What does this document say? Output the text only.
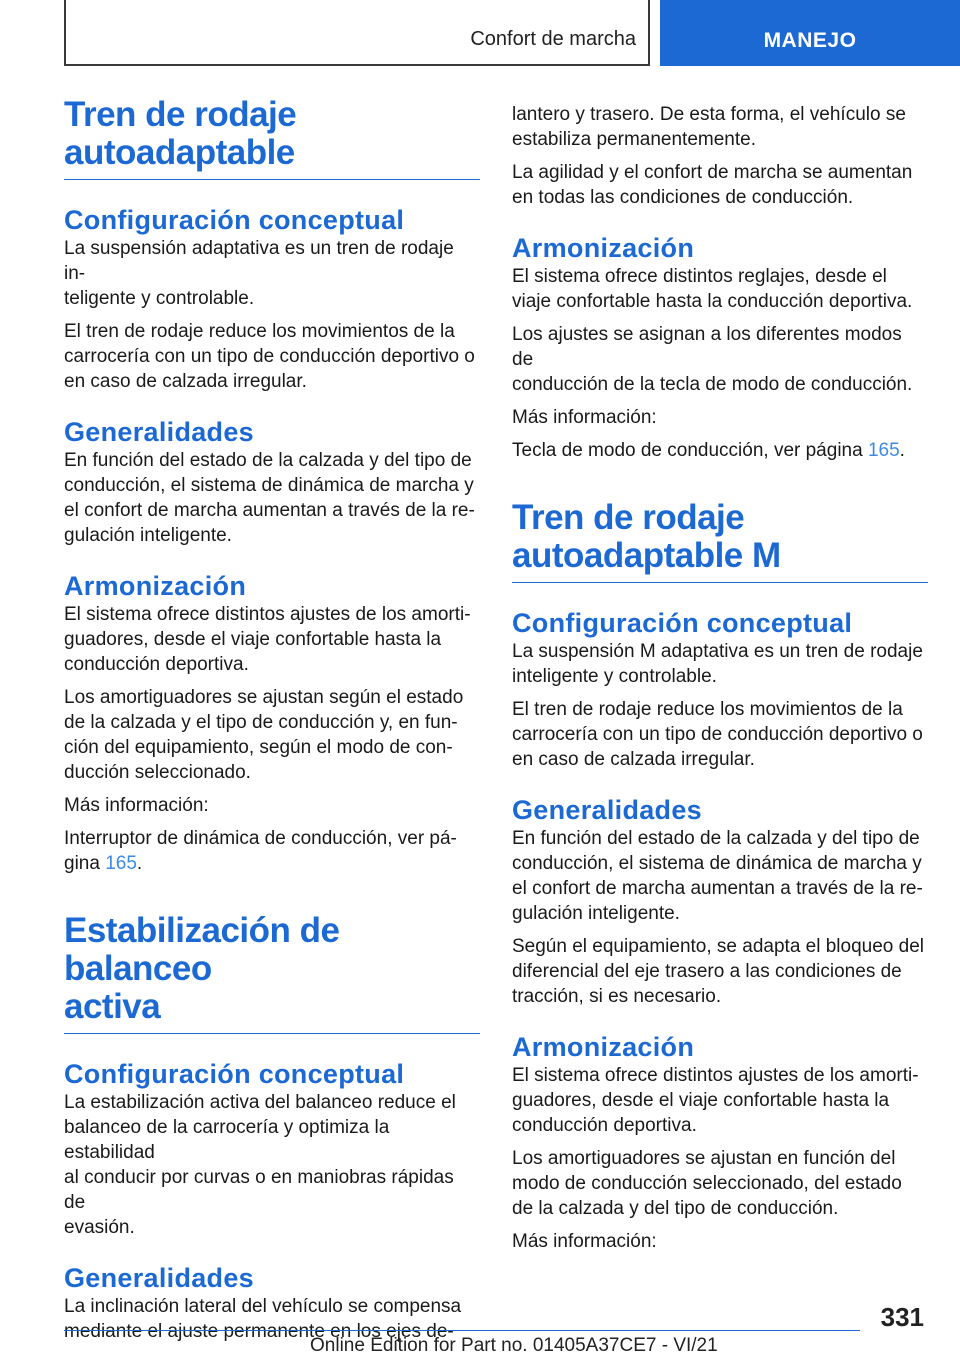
Confort de marcha	MANEJO
Tren de rodaje
autoadaptable
Configuración conceptual

La suspensión adaptativa es un tren de rodaje in‐
teligente y controlable.

El tren de rodaje reduce los movimientos de la
carrocería con un tipo de conducción deportivo o
en caso de calzada irregular.

Generalidades

En función del estado de la calzada y del tipo de
conducción, el sistema de dinámica de marcha y
el confort de marcha aumentan a través de la re‐
gulación inteligente.

Armonización

El sistema ofrece distintos ajustes de los amorti‐
guadores, desde el viaje confortable hasta la
conducción deportiva.

Los amortiguadores se ajustan según el estado
de la calzada y el tipo de conducción y, en fun‐
ción del equipamiento, según el modo de con‐
ducción seleccionado.

Más información:

Interruptor de dinámica de conducción, ver pá‐
gina 165.

Estabilización de balanceo
activa
Configuración conceptual

La estabilización activa del balanceo reduce el
balanceo de la carrocería y optimiza la estabilidad
al conducir por curvas o en maniobras rápidas de
evasión.

Generalidades

La inclinación lateral del vehículo se compensa
mediante el ajuste permanente en los ejes de‐

lantero y trasero. De esta forma, el vehículo se
estabiliza permanentemente.

La agilidad y el confort de marcha se aumentan
en todas las condiciones de conducción.

Armonización

El sistema ofrece distintos reglajes, desde el
viaje confortable hasta la conducción deportiva.

Los ajustes se asignan a los diferentes modos de
conducción de la tecla de modo de conducción.

Más información:

Tecla de modo de conducción, ver página 165.

Tren de rodaje
autoadaptable M
Configuración conceptual

La suspensión M adaptativa es un tren de rodaje
inteligente y controlable.

El tren de rodaje reduce los movimientos de la
carrocería con un tipo de conducción deportivo o
en caso de calzada irregular.

Generalidades

En función del estado de la calzada y del tipo de
conducción, el sistema de dinámica de marcha y
el confort de marcha aumentan a través de la re‐
gulación inteligente.

Según el equipamiento, se adapta el bloqueo del
diferencial del eje trasero a las condiciones de
tracción, si es necesario.

Armonización

El sistema ofrece distintos ajustes de los amorti‐
guadores, desde el viaje confortable hasta la
conducción deportiva.

Los amortiguadores se ajustan en función del
modo de conducción seleccionado, del estado
de la calzada y del tipo de conducción.

Más información:

331
Online Edition for Part no. 01405A37CE7 - VI/21
